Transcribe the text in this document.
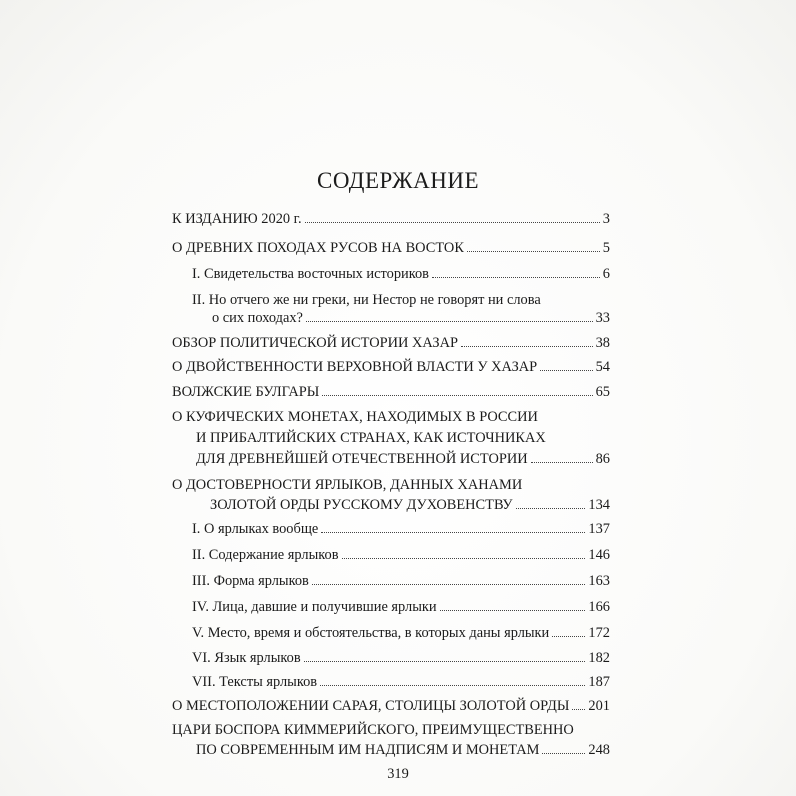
СОДЕРЖАНИЕ
К ИЗДАНИЮ 2020 г.	3
О ДРЕВНИХ ПОХОДАХ РУСОВ НА ВОСТОК	5
I. Свидетельства восточных историков	6
II. Но отчего же ни греки, ни Нестор не говорят ни слова
о сих походах?	33
ОБЗОР ПОЛИТИЧЕСКОЙ ИСТОРИИ ХАЗАР	38
О ДВОЙСТВЕННОСТИ ВЕРХОВНОЙ ВЛАСТИ У ХАЗАР	54
ВОЛЖСКИЕ БУЛГАРЫ	65
О КУФИЧЕСКИХ МОНЕТАХ, НАХОДИМЫХ В РОССИИ
И ПРИБАЛТИЙСКИХ СТРАНАХ, КАК ИСТОЧНИКАХ
ДЛЯ ДРЕВНЕЙШЕЙ ОТЕЧЕСТВЕННОЙ ИСТОРИИ	86
О ДОСТОВЕРНОСТИ ЯРЛЫКОВ, ДАННЫХ ХАНАМИ
ЗОЛОТОЙ ОРДЫ РУССКОМУ ДУХОВЕНСТВУ	134
I. О ярлыках вообще	137
II. Содержание ярлыков	146
III. Форма ярлыков	163
IV. Лица, давшие и получившие ярлыки	166
V. Место, время и обстоятельства, в которых даны ярлыки	172
VI. Язык ярлыков	182
VII. Тексты ярлыков	187
О МЕСТОПОЛОЖЕНИИ САРАЯ, СТОЛИЦЫ ЗОЛОТОЙ ОРДЫ 201
ЦАРИ БОСПОРА КИММЕРИЙСКОГО, ПРЕИМУЩЕСТВЕННО
ПО СОВРЕМЕННЫМ ИМ НАДПИСЯМ И МОНЕТАМ	248
319
